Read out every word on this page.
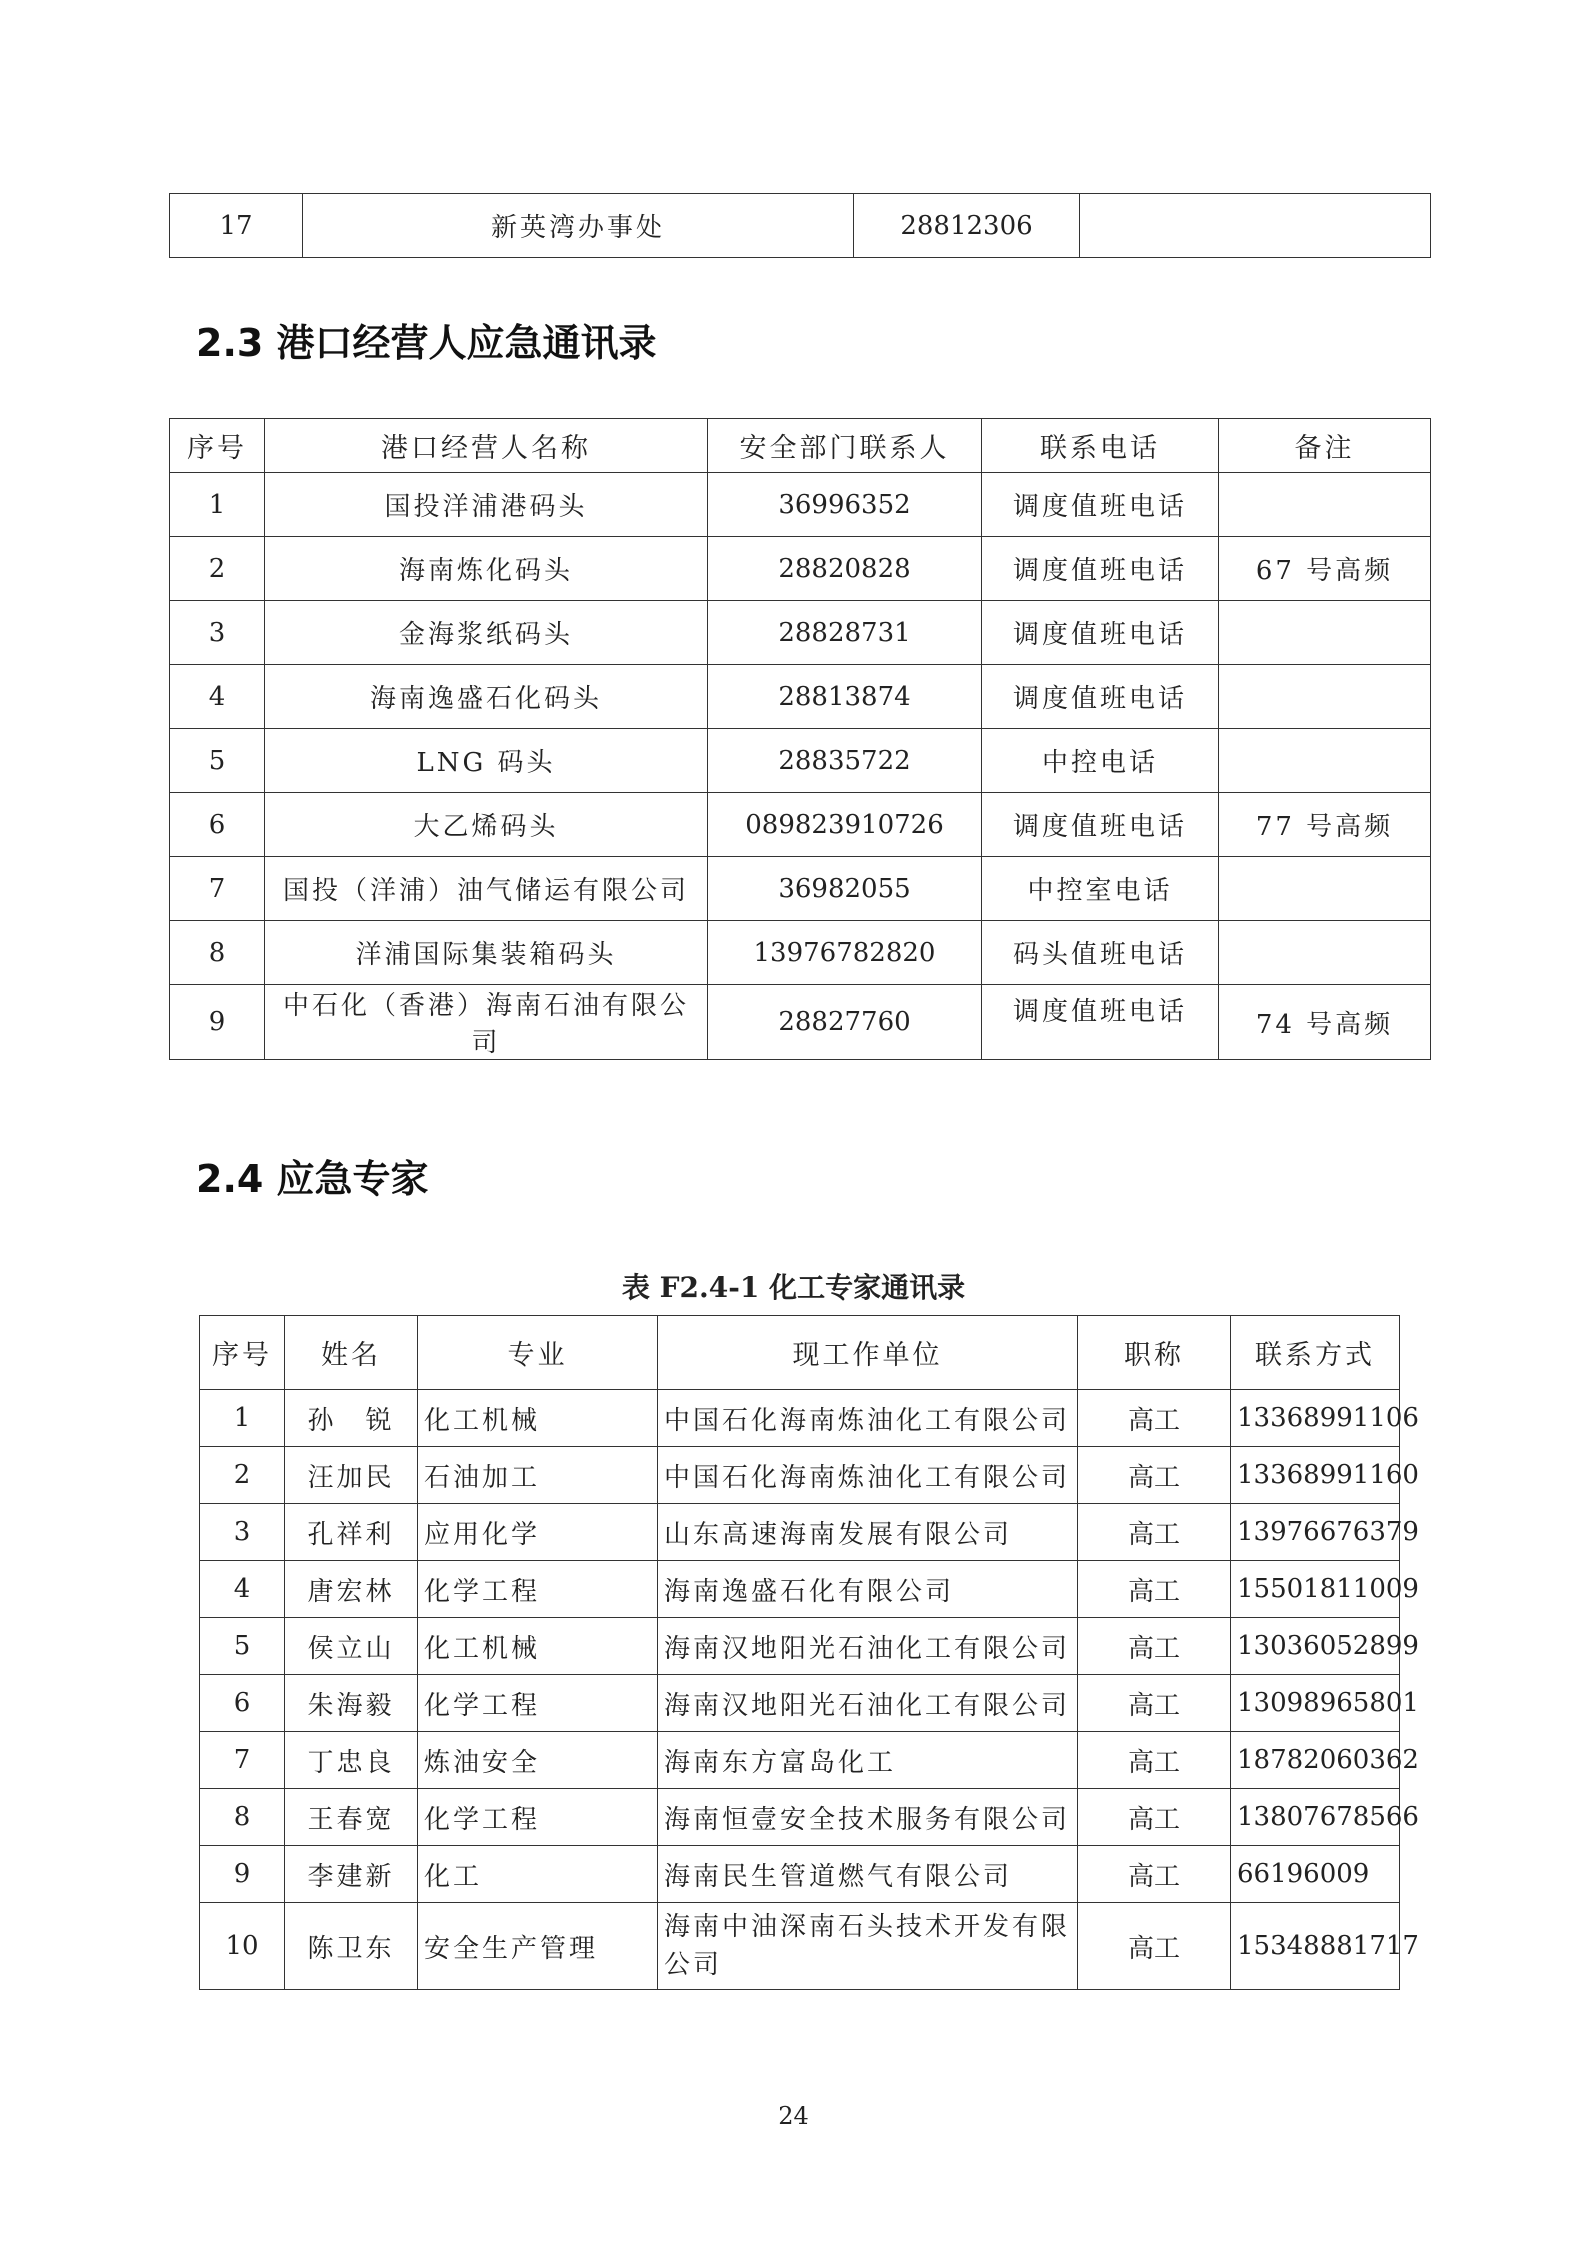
17	新英湾办事处	28812306	
2.3 港口经营人应急通讯录
序号	港口经营人名称	安全部门联系人	联系电话	备注
1	国投洋浦港码头	36996352	调度值班电话	
2	海南炼化码头	28820828	调度值班电话	67 号高频
3	金海浆纸码头	28828731	调度值班电话	
4	海南逸盛石化码头	28813874	调度值班电话	
5	LNG 码头	28835722	中控电话	
6	大乙烯码头	089823910726	调度值班电话	77 号高频
7	国投（洋浦）油气储运有限公司	36982055	中控室电话	
8	洋浦国际集装箱码头	13976782820	码头值班电话	
9	中石化（香港）海南石油有限公司	28827760	调度值班电话	74 号高频
2.4 应急专家

表 F2.4-1 化工专家通讯录

序号	姓名	专业	现工作单位	职称	联系方式
1	孙　锐	化工机械	中国石化海南炼油化工有限公司	高工	13368991106
2	汪加民	石油加工	中国石化海南炼油化工有限公司	高工	13368991160
3	孔祥利	应用化学	山东高速海南发展有限公司	高工	13976676379
4	唐宏林	化学工程	海南逸盛石化有限公司	高工	15501811009
5	侯立山	化工机械	海南汉地阳光石油化工有限公司	高工	13036052899
6	朱海毅	化学工程	海南汉地阳光石油化工有限公司	高工	13098965801
7	丁忠良	炼油安全	海南东方富岛化工	高工	18782060362
8	王春宽	化学工程	海南恒壹安全技术服务有限公司	高工	13807678566
9	李建新	化工	海南民生管道燃气有限公司	高工	66196009
10	陈卫东	安全生产管理	海南中油深南石头技术开发有限公司	高工	15348881717
24
